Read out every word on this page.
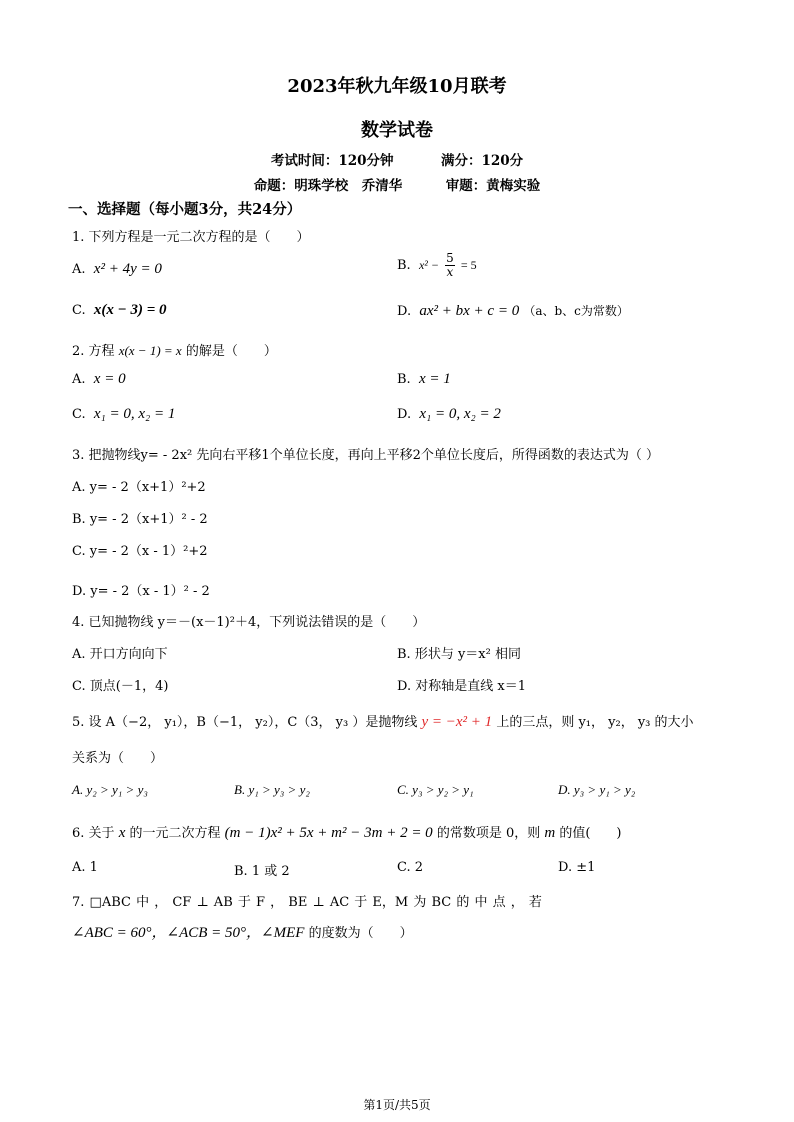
2023年秋九年级10月联考
数学试卷
考试时间：120分钟	满分：120分
命题：明珠学校　乔清华	审题：黄梅实验
一、选择题（每小题3分，共24分）
1. 下列方程是一元二次方程的是（　　）
A. x² + 4y = 0	B. $x^2 - \frac{5}{x} = 5$
C. x(x − 3) = 0	D. ax² + bx + c = 0 （a、b、c为常数）
2. 方程 x(x − 1) = x 的解是（　　）
A. x = 0	B. x = 1
C. x₁ = 0, x₂ = 1	D. x₁ = 0, x₂ = 2
3. 把抛物线y= - 2x² 先向右平移1个单位长度，再向上平移2个单位长度后，所得函数的表达式为（ ）
A. y= - 2（x+1）²+2
B. y= - 2（x+1）² - 2
C. y= - 2（x - 1）²+2
D. y= - 2（x - 1）² - 2
4. 已知抛物线 y＝－(x－1)²＋4，下列说法错误的是（　　）
A. 开口方向向下	B. 形状与 y＝x² 相同
C. 顶点(－1，4)	D. 对称轴是直线 x＝1
5. 设 A（−2， y₁），B（−1， y₂），C（3， y₃ ）是抛物线 y = −x² + 1 上的三点，则 y₁， y₂， y₃ 的大小
关系为（　　）
A. y₂ > y₁ > y₃	B. y₁ > y₃ > y₂	C. y₃ > y₂ > y₁	D. y₃ > y₁ > y₂
6. 关于 x 的一元二次方程 (m − 1)x² + 5x + m² − 3m + 2 = 0 的常数项是 0，则 m 的值(　　)
A. 1	B. 1 或 2	C. 2	D. ±1
7. □ABC 中 ， CF ⊥ AB 于 F ， BE ⊥ AC 于 E，M 为 BC 的 中 点 ， 若
∠ABC = 60°，∠ACB = 50°，∠MEF 的度数为（　　）
第1页/共5页
